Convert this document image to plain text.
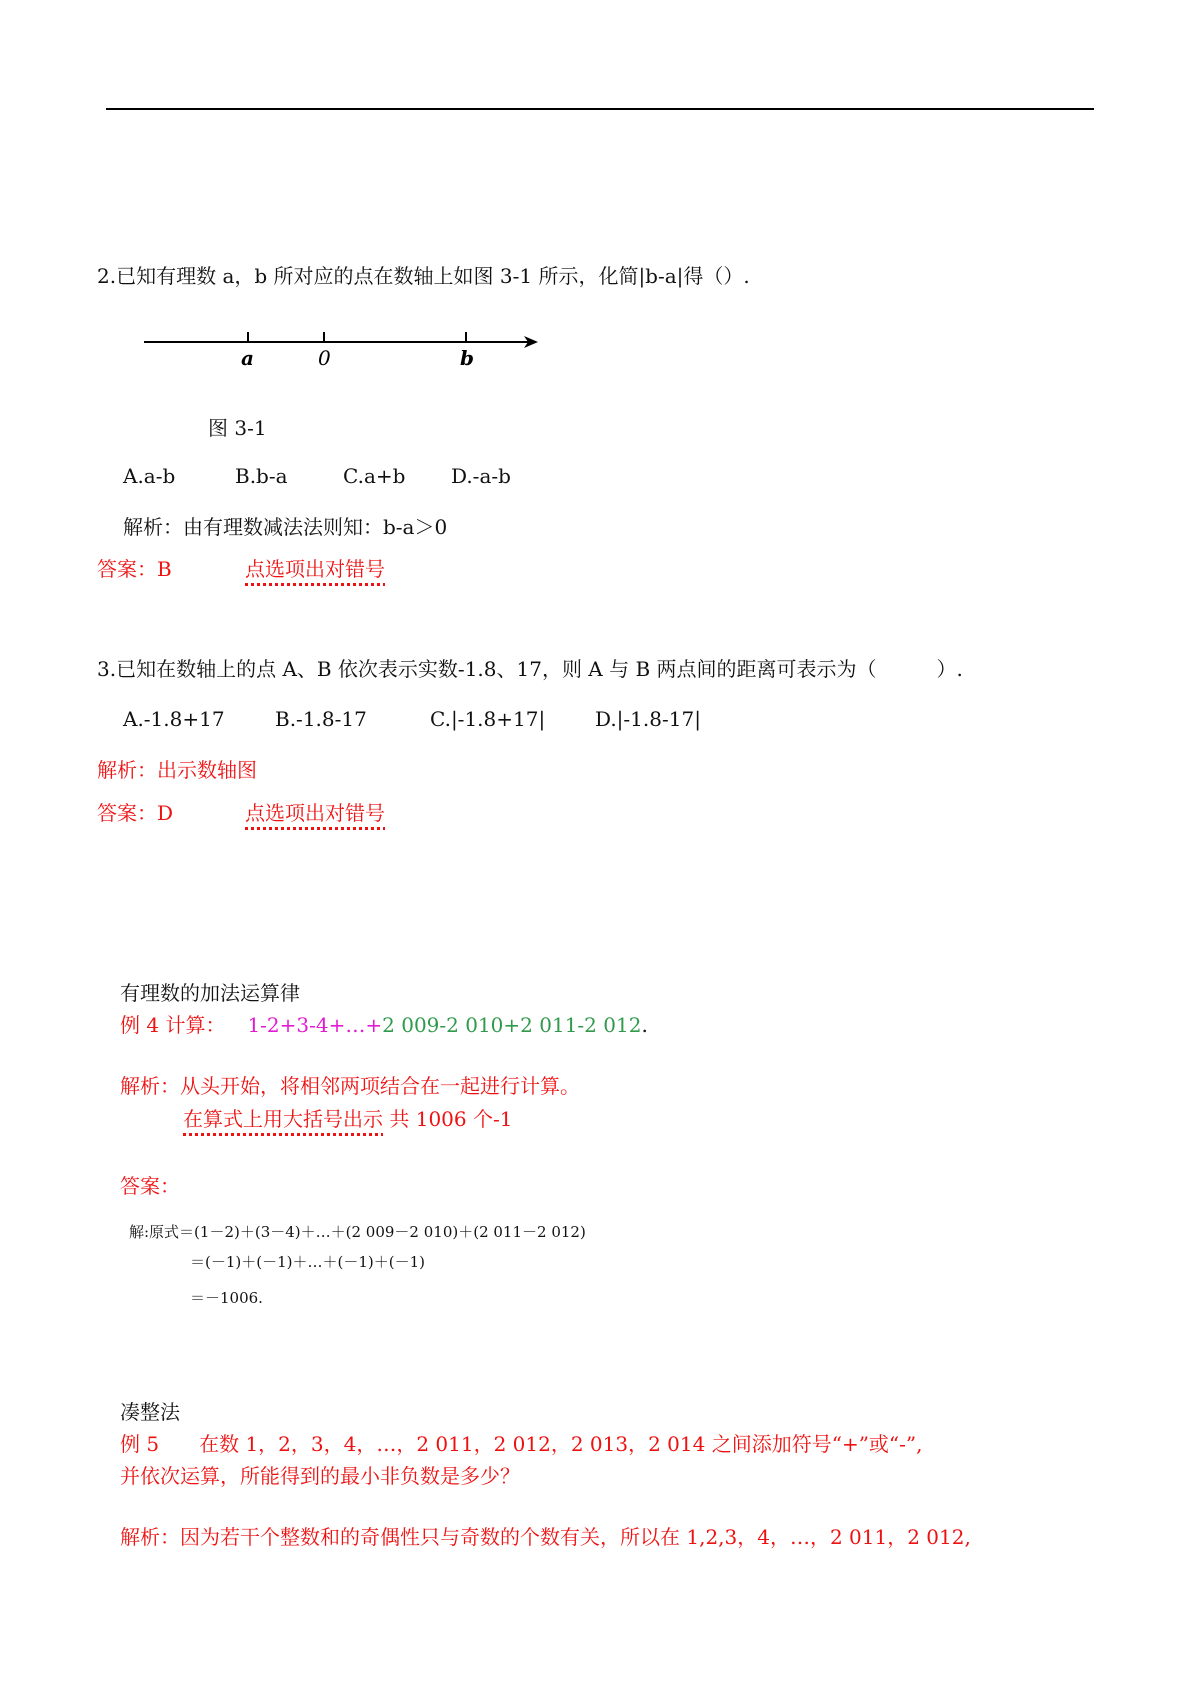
2.已知有理数 a，b 所对应的点在数轴上如图 3-1 所示，化简|b-a|得（）.
a	0	b
图 3-1
A.a-b	B.b-a	C.a+b D.-a-b
解析：由有理数减法法则知：b-a＞0
答案：B	点选项出对错号
3.已知在数轴上的点 A、B 依次表示实数-1.8、17，则 A 与 B 两点间的距离可表示为（　　　）.
A.-1.8+17	B.-1.8-17	C.|-1.8+17| D.|-1.8-17|
解析：出示数轴图
答案：D	点选项出对错号
有理数的加法运算律
例 4 计算： 1-2+3-4+…+2 009-2 010+2 011-2 012.
解析：从头开始，将相邻两项结合在一起进行计算。
在算式上用大括号出示 共 1006 个-1
答案：
解:原式＝(1－2)＋(3－4)＋…＋(2 009－2 010)＋(2 011－2 012)
＝(－1)＋(－1)＋…＋(－1)＋(－1)
＝－1006.
凑整法
例 5　　在数 1，2，3，4，…，2 011，2 012，2 013，2 014 之间添加符号“+”或“-”,
并依次运算，所能得到的最小非负数是多少？
解析：因为若干个整数和的奇偶性只与奇数的个数有关，所以在 1,2,3，4，…，2 011，2 012,
